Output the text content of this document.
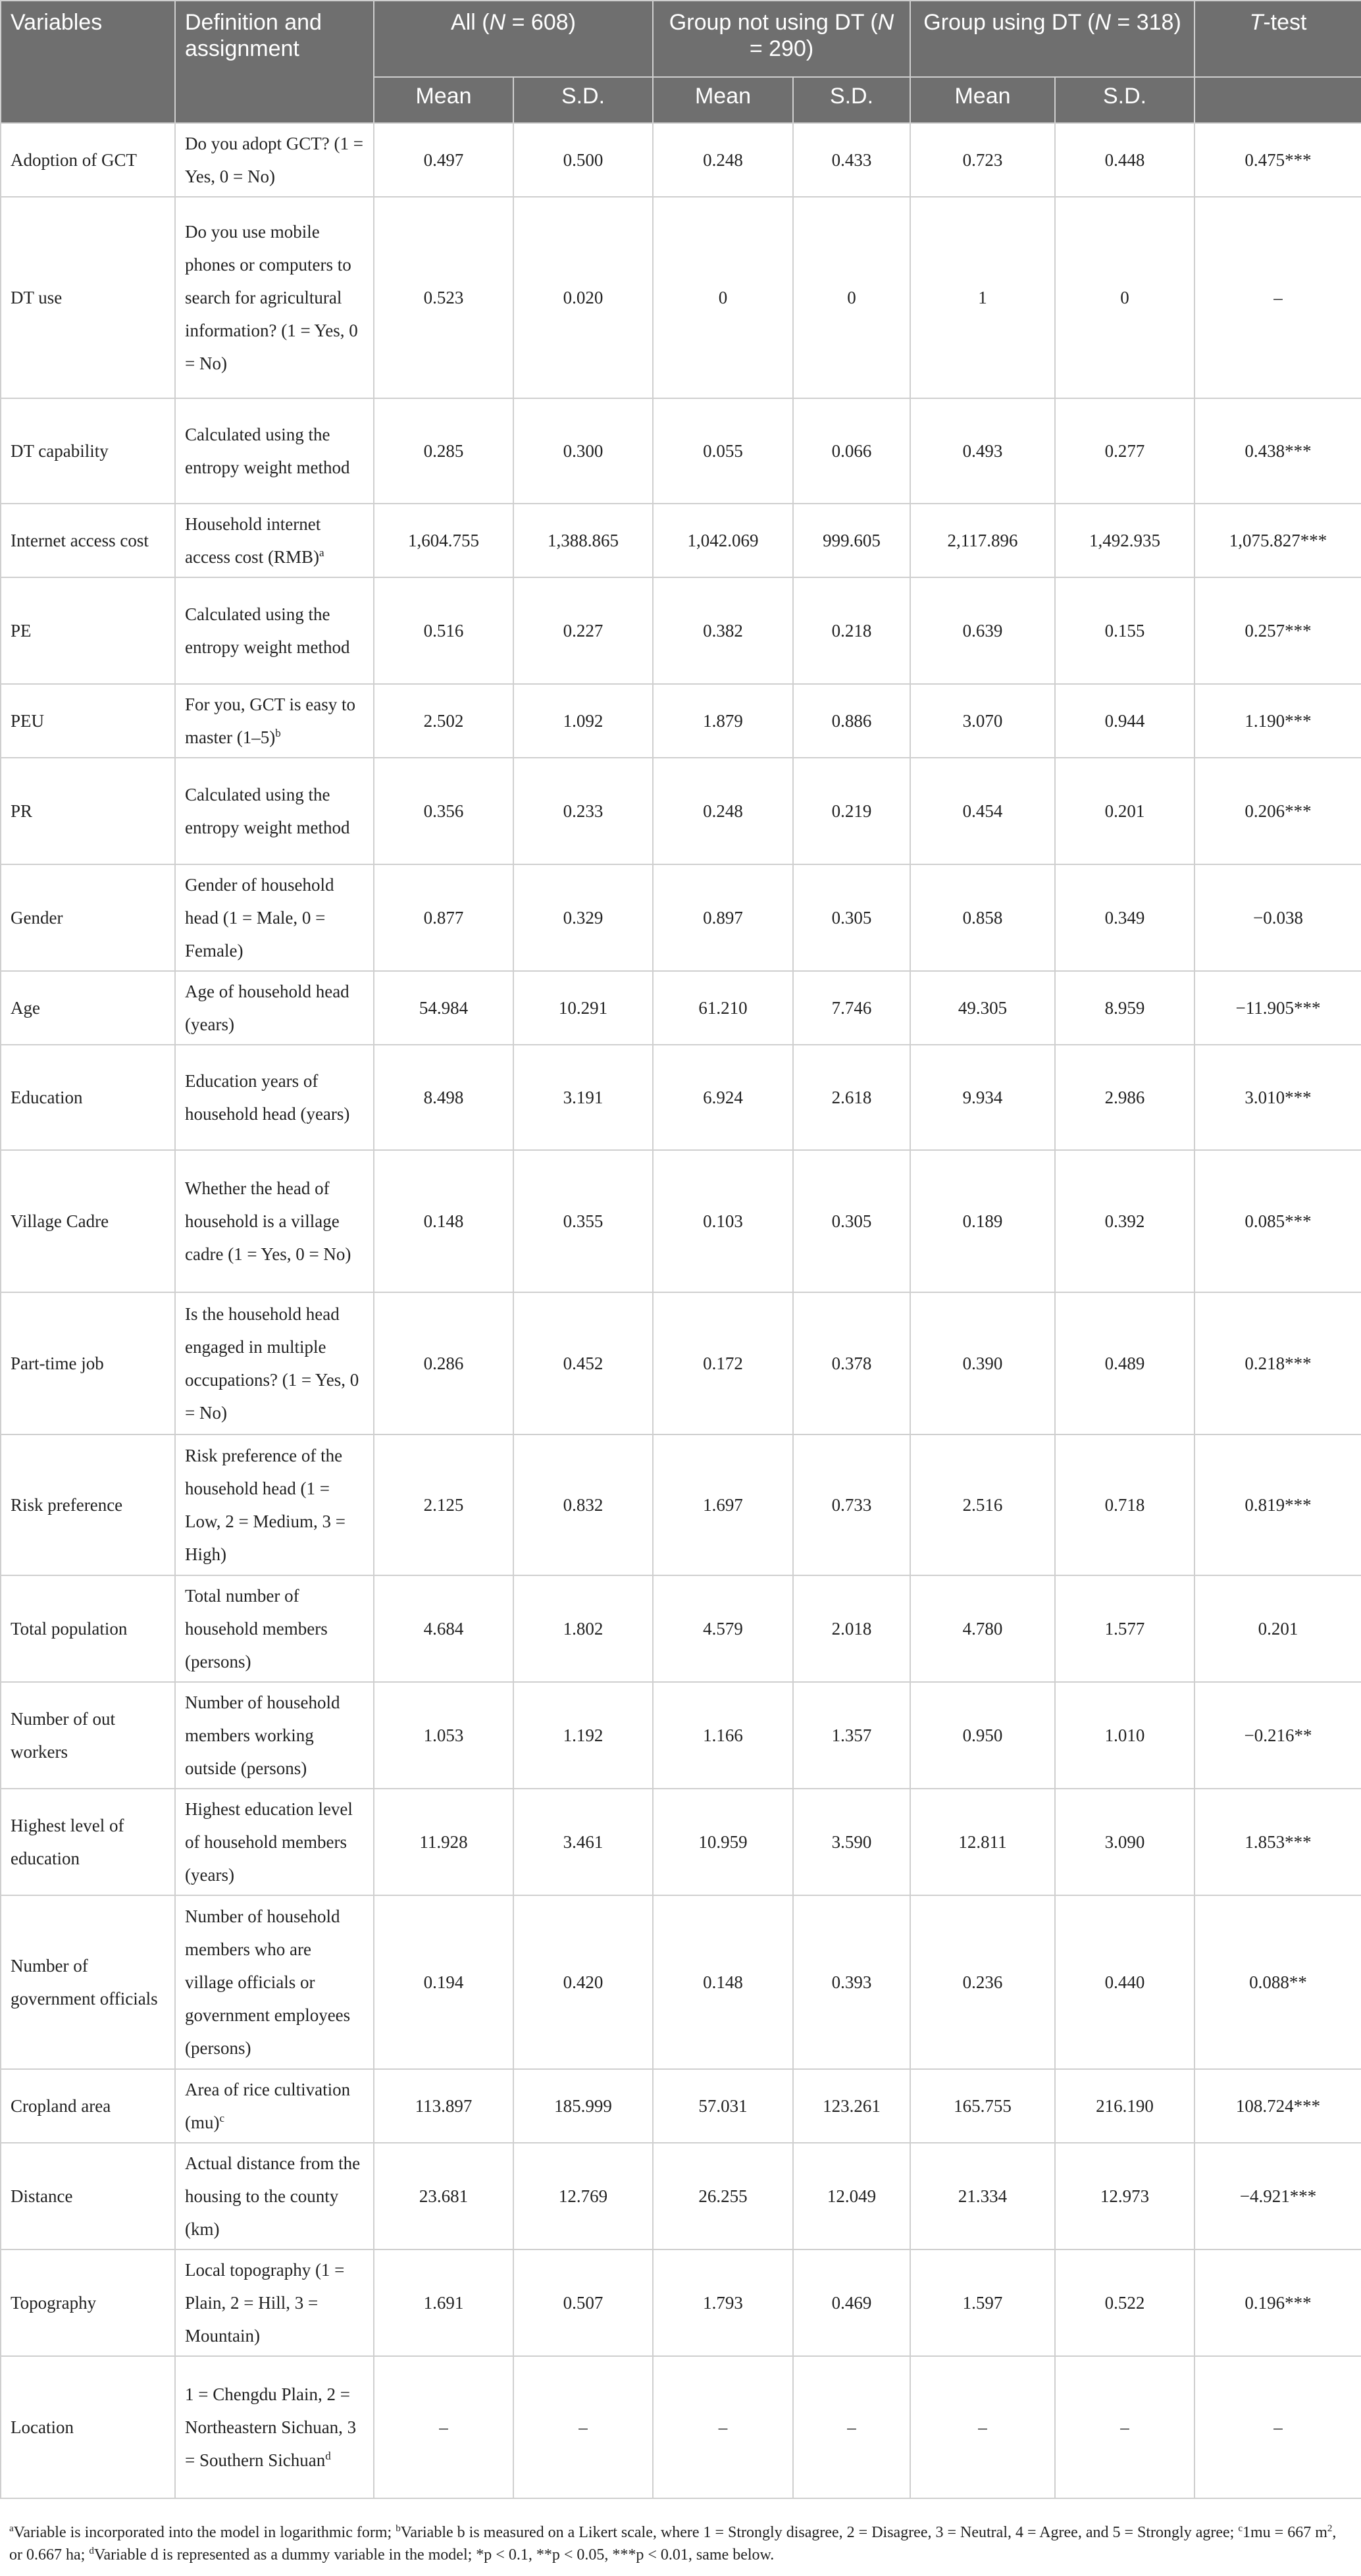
Variables	Definition and assignment	All (N = 608)		Group not using DT (N = 290)		Group using DT (N = 318)		T-test
		Mean	S.D.	Mean	S.D.	Mean	S.D.	
Adoption of GCT	Do you adopt GCT? (1 = Yes, 0 = No)	0.497	0.500	0.248	0.433	0.723	0.448	0.475***
DT use	Do you use mobile phones or computers to search for agricultural information? (1 = Yes, 0 = No)	0.523	0.020	0	0	1	0	–
DT capability	Calculated using the entropy weight method	0.285	0.300	0.055	0.066	0.493	0.277	0.438***
Internet access cost	Household internet access cost (RMB)$^a$	1,604.755	1,388.865	1,042.069	999.605	2,117.896	1,492.935	1,075.827***
PE	Calculated using the entropy weight method	0.516	0.227	0.382	0.218	0.639	0.155	0.257***
PEU	For you, GCT is easy to master $(1-5)^b$	2.502	1.092	1.879	0.886	3.070	0.944	1.190***
PR	Calculated using the entropy weight method	0.356	0.233	0.248	0.219	0.454	0.201	0.206***
Gender	Gender of household head (1 = Male, 0 = Female)	0.877	0.329	0.897	0.305	0.858	0.349	−0.038
Age	Age of household head (years)	54.984	10.291	61.210	7.746	49.305	8.959	−11.905***
Education	Education years of household head (years)	8.498	3.191	6.924	2.618	9.934	2.986	3.010***
Village Cadre	Whether the head of household is a village cadre (1 = Yes, 0 = No)	0.148	0.355	0.103	0.305	0.189	0.392	0.085***
Part-time job	Is the household head engaged in multiple occupations? (1 = Yes, 0 = No)	0.286	0.452	0.172	0.378	0.390	0.489	0.218***
Risk preference	Risk preference of the household head (1 = Low, 2 = Medium, 3 = High)	2.125	0.832	1.697	0.733	2.516	0.718	0.819***
Total population	Total number of household members (persons)	4.684	1.802	4.579	2.018	4.780	1.577	0.201
Number of out workers	Number of household members working outside (persons)	1.053	1.192	1.166	1.357	0.950	1.010	−0.216**
Highest level of education	Highest education level of household members (years)	11.928	3.461	10.959	3.590	12.811	3.090	1.853***
Number of government officials	Number of household members who are village officials or government employees (persons)	0.194	0.420	0.148	0.393	0.236	0.440	0.088**
Cropland area	Area of rice cultivation (mu)$^c$	113.897	185.999	57.031	123.261	165.755	216.190	108.724***
Distance	Actual distance from the housing to the county (km)	23.681	12.769	26.255	12.049	21.334	12.973	−4.921***
Topography	Local topography (1 = Plain, 2 = Hill, 3 = Mountain)	1.691	0.507	1.793	0.469	1.597	0.522	0.196***
Location	1 = Chengdu Plain, 2 = Northeastern Sichuan, 3 = Southern Sichuan$^d$	–	–	–	–	–	–	–
$^a$Variable is incorporated into the model in logarithmic form; $^b$Variable b is measured on a Likert scale, where 1 = Strongly disagree, 2 = Disagree, 3 = Neutral, 4 = Agree, and 5 = Strongly agree; $^c$1mu = 667 $m^2$, or 0.667 ha; $^d$Variable d is represented as a dummy variable in the model; *p < 0.1, **p < 0.05, ***p < 0.01, same below.
